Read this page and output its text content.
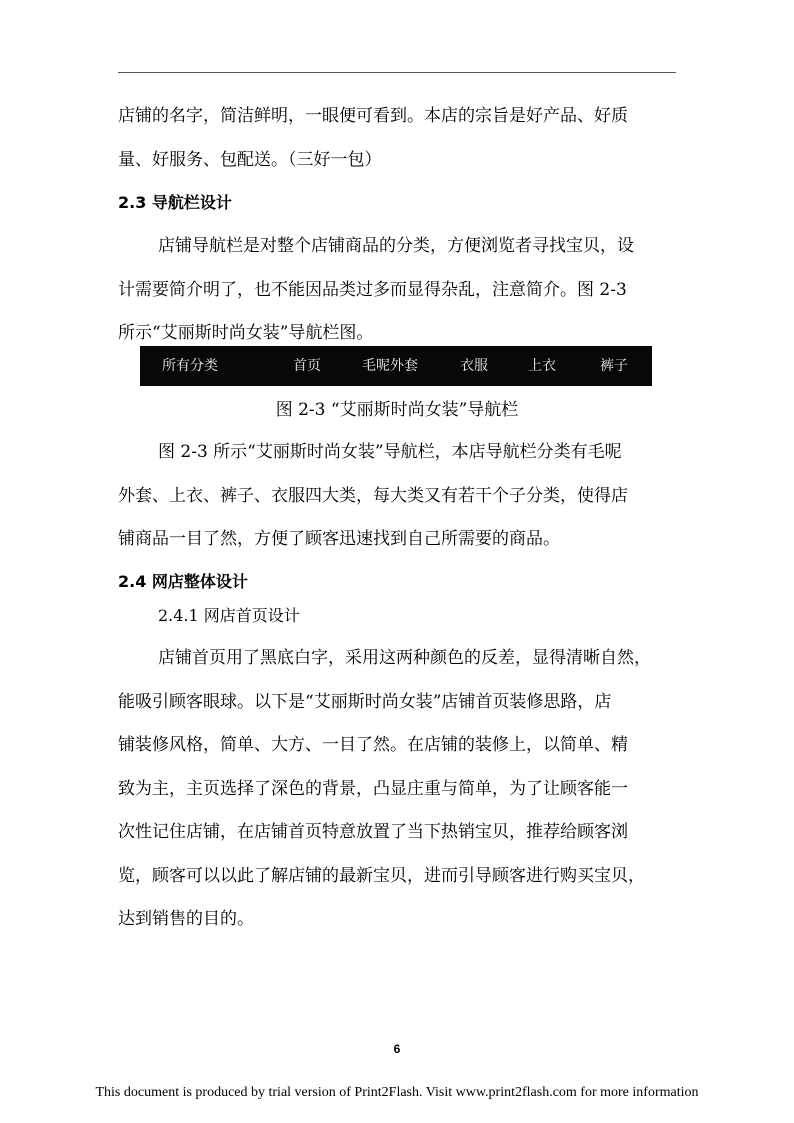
店铺的名字，简洁鲜明，一眼便可看到。本店的宗旨是好产品、好质
量、好服务、包配送。（三好一包）
2.3 导航栏设计
店铺导航栏是对整个店铺商品的分类，方便浏览者寻找宝贝，设
计需要简介明了，也不能因品类过多而显得杂乱，注意简介。图 2-3
所示“艾丽斯时尚女装”导航栏图。
所有分类	首页	毛呢外套	衣服	上衣	裤子
图 2-3 “艾丽斯时尚女装”导航栏
图 2-3 所示“艾丽斯时尚女装”导航栏，本店导航栏分类有毛呢
外套、上衣、裤子、衣服四大类，每大类又有若干个子分类，使得店
铺商品一目了然，方便了顾客迅速找到自己所需要的商品。
2.4 网店整体设计
2.4.1 网店首页设计
店铺首页用了黑底白字，采用这两种颜色的反差，显得清晰自然，
能吸引顾客眼球。以下是“艾丽斯时尚女装”店铺首页装修思路，店
铺装修风格，简单、大方、一目了然。在店铺的装修上，以简单、精
致为主，主页选择了深色的背景，凸显庄重与简单，为了让顾客能一
次性记住店铺，在店铺首页特意放置了当下热销宝贝，推荐给顾客浏
览，顾客可以以此了解店铺的最新宝贝，进而引导顾客进行购买宝贝，
达到销售的目的。
6
This document is produced by trial version of Print2Flash. Visit www.print2flash.com for more information
